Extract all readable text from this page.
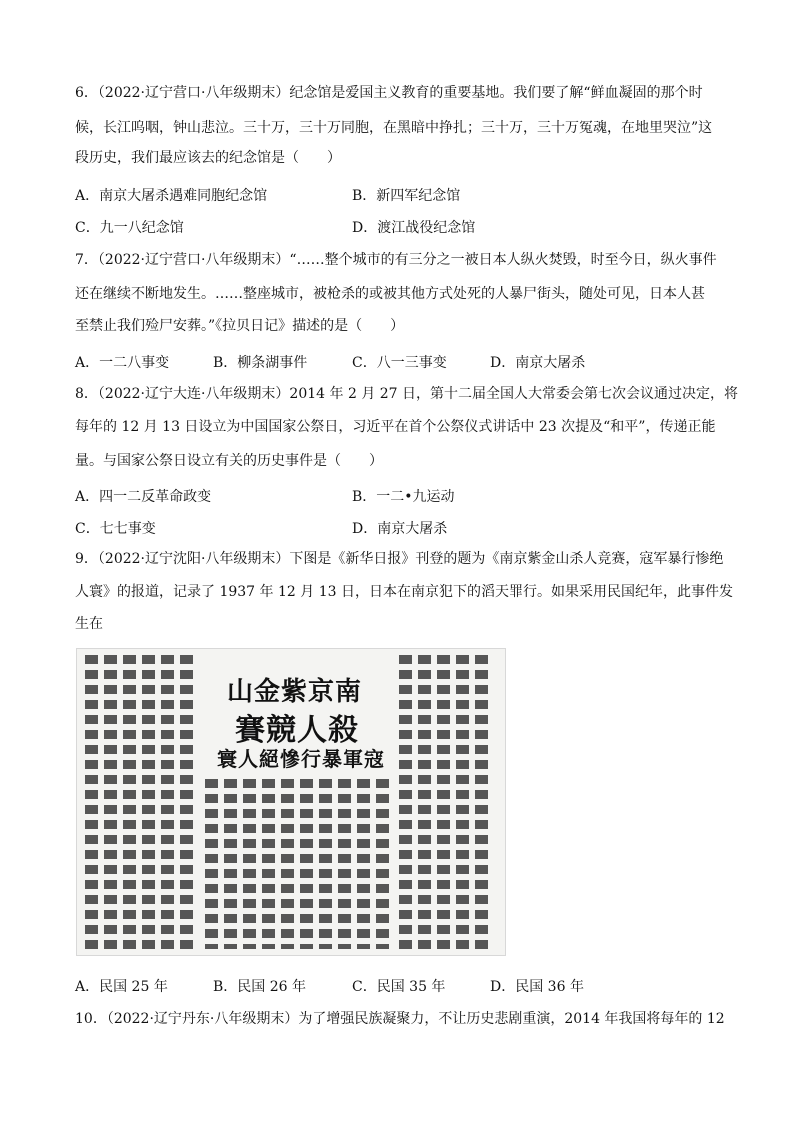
6．（2022·辽宁营口·八年级期末）纪念馆是爱国主义教育的重要基地。我们要了解“鲜血凝固的那个时
候，长江呜咽，钟山悲泣。三十万，三十万同胞，在黑暗中挣扎；三十万，三十万冤魂，在地里哭泣”这
段历史，我们最应该去的纪念馆是（　　）
A．南京大屠杀遇难同胞纪念馆	B．新四军纪念馆
C．九一八纪念馆	D．渡江战役纪念馆
7．（2022·辽宁营口·八年级期末）“……整个城市的有三分之一被日本人纵火焚毁，时至今日，纵火事件
还在继续不断地发生。……整座城市，被枪杀的或被其他方式处死的人暴尸街头，随处可见，日本人甚
至禁止我们殓尸安葬。”《拉贝日记》描述的是（　　）
A．一二八事变	B．柳条湖事件	C．八一三事变	D．南京大屠杀
8．（2022·辽宁大连·八年级期末）2014 年 2 月 27 日，第十二届全国人大常委会第七次会议通过决定，将
每年的 12 月 13 日设立为中国国家公祭日，习近平在首个公祭仪式讲话中 23 次提及“和平”，传递正能
量。与国家公祭日设立有关的历史事件是（　　）
A．四一二反革命政变	B．一二•九运动
C．七七事变	D．南京大屠杀
9．（2022·辽宁沈阳·八年级期末）下图是《新华日报》刊登的题为《南京紫金山杀人竞赛，寇军暴行惨绝
人寰》的报道，记录了 1937 年 12 月 13 日，日本在南京犯下的滔天罪行。如果采用民国纪年，此事件发
生在
山金紫京南
賽競人殺
寰人絕慘行暴軍寇
A．民国 25 年	B．民国 26 年	C．民国 35 年	D．民国 36 年
10．（2022·辽宁丹东·八年级期末）为了增强民族凝聚力，不让历史悲剧重演，2014 年我国将每年的 12
